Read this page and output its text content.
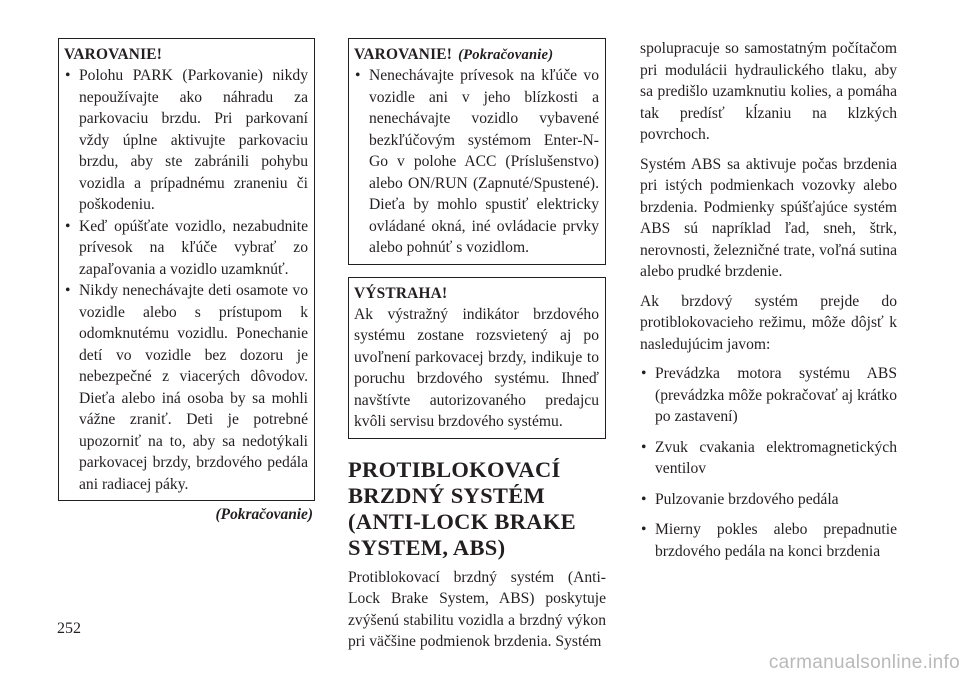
VAROVANIE!
• Polohu PARK (Parkovanie) nikdy nepoužívajte ako náhradu za parkovaciu brzdu. Pri parkovaní vždy úplne aktivujte parkovaciu brzdu, aby ste zabránili pohybu vozidla a prípadnému zraneniu či poškodeniu.
• Keď opúšťate vozidlo, nezabudnite prívesok na kľúče vybrať zo zapaľovania a vozidlo uzamknúť.
• Nikdy nenechávajte deti osamote vo vozidle alebo s prístupom k odomknutému vozidlu. Ponechanie detí vo vozidle bez dozoru je nebezpečné z viacerých dôvodov. Dieťa alebo iná osoba by sa mohli vážne zraniť. Deti je potrebné upozorniť na to, aby sa nedotýkali parkovacej brzdy, brzdového pedála ani radiacej páky.
(Pokračovanie)
VAROVANIE! (Pokračovanie)
• Nenechávajte prívesok na kľúče vo vozidle ani v jeho blízkosti a nenechávajte vozidlo vybavené bezkľúčovým systémom Enter-N-Go v polohe ACC (Príslušenstvo) alebo ON/RUN (Zapnuté/Spustené). Dieťa by mohlo spustiť elektricky ovládané okná, iné ovládacie prvky alebo pohnúť s vozidlom.
VÝSTRAHA!

Ak výstražný indikátor brzdového systému zostane rozsvietený aj po uvoľnení parkovacej brzdy, indikuje to poruchu brzdového systému. Ihneď navštívte autorizovaného predajcu kvôli servisu brzdového systému.

PROTIBLOKOVACÍ BRZDNÝ SYSTÉM (ANTI-LOCK BRAKE SYSTEM, ABS)

Protiblokovací brzdný systém (Anti-Lock Brake System, ABS) poskytuje zvýšenú stabilitu vozidla a brzdný výkon pri väčšine podmienok brzdenia. Systém

spolupracuje so samostatným počítačom pri modulácii hydraulického tlaku, aby sa predišlo uzamknutiu kolies, a pomáha tak predísť kĺzaniu na klzkých povrchoch.

Systém ABS sa aktivuje počas brzdenia pri istých podmienkach vozovky alebo brzdenia. Podmienky spúšťajúce systém ABS sú napríklad ľad, sneh, štrk, nerovnosti, železničné trate, voľná sutina alebo prudké brzdenie.

Ak brzdový systém prejde do protiblokovacieho režimu, môže dôjsť k nasledujúcim javom:

• Prevádzka motora systému ABS (prevádzka môže pokračovať aj krátko po zastavení)
• Zvuk cvakania elektromagnetických ventilov
• Pulzovanie brzdového pedála
• Mierny pokles alebo prepadnutie brzdového pedála na konci brzdenia
252
carmanualsonline.info
